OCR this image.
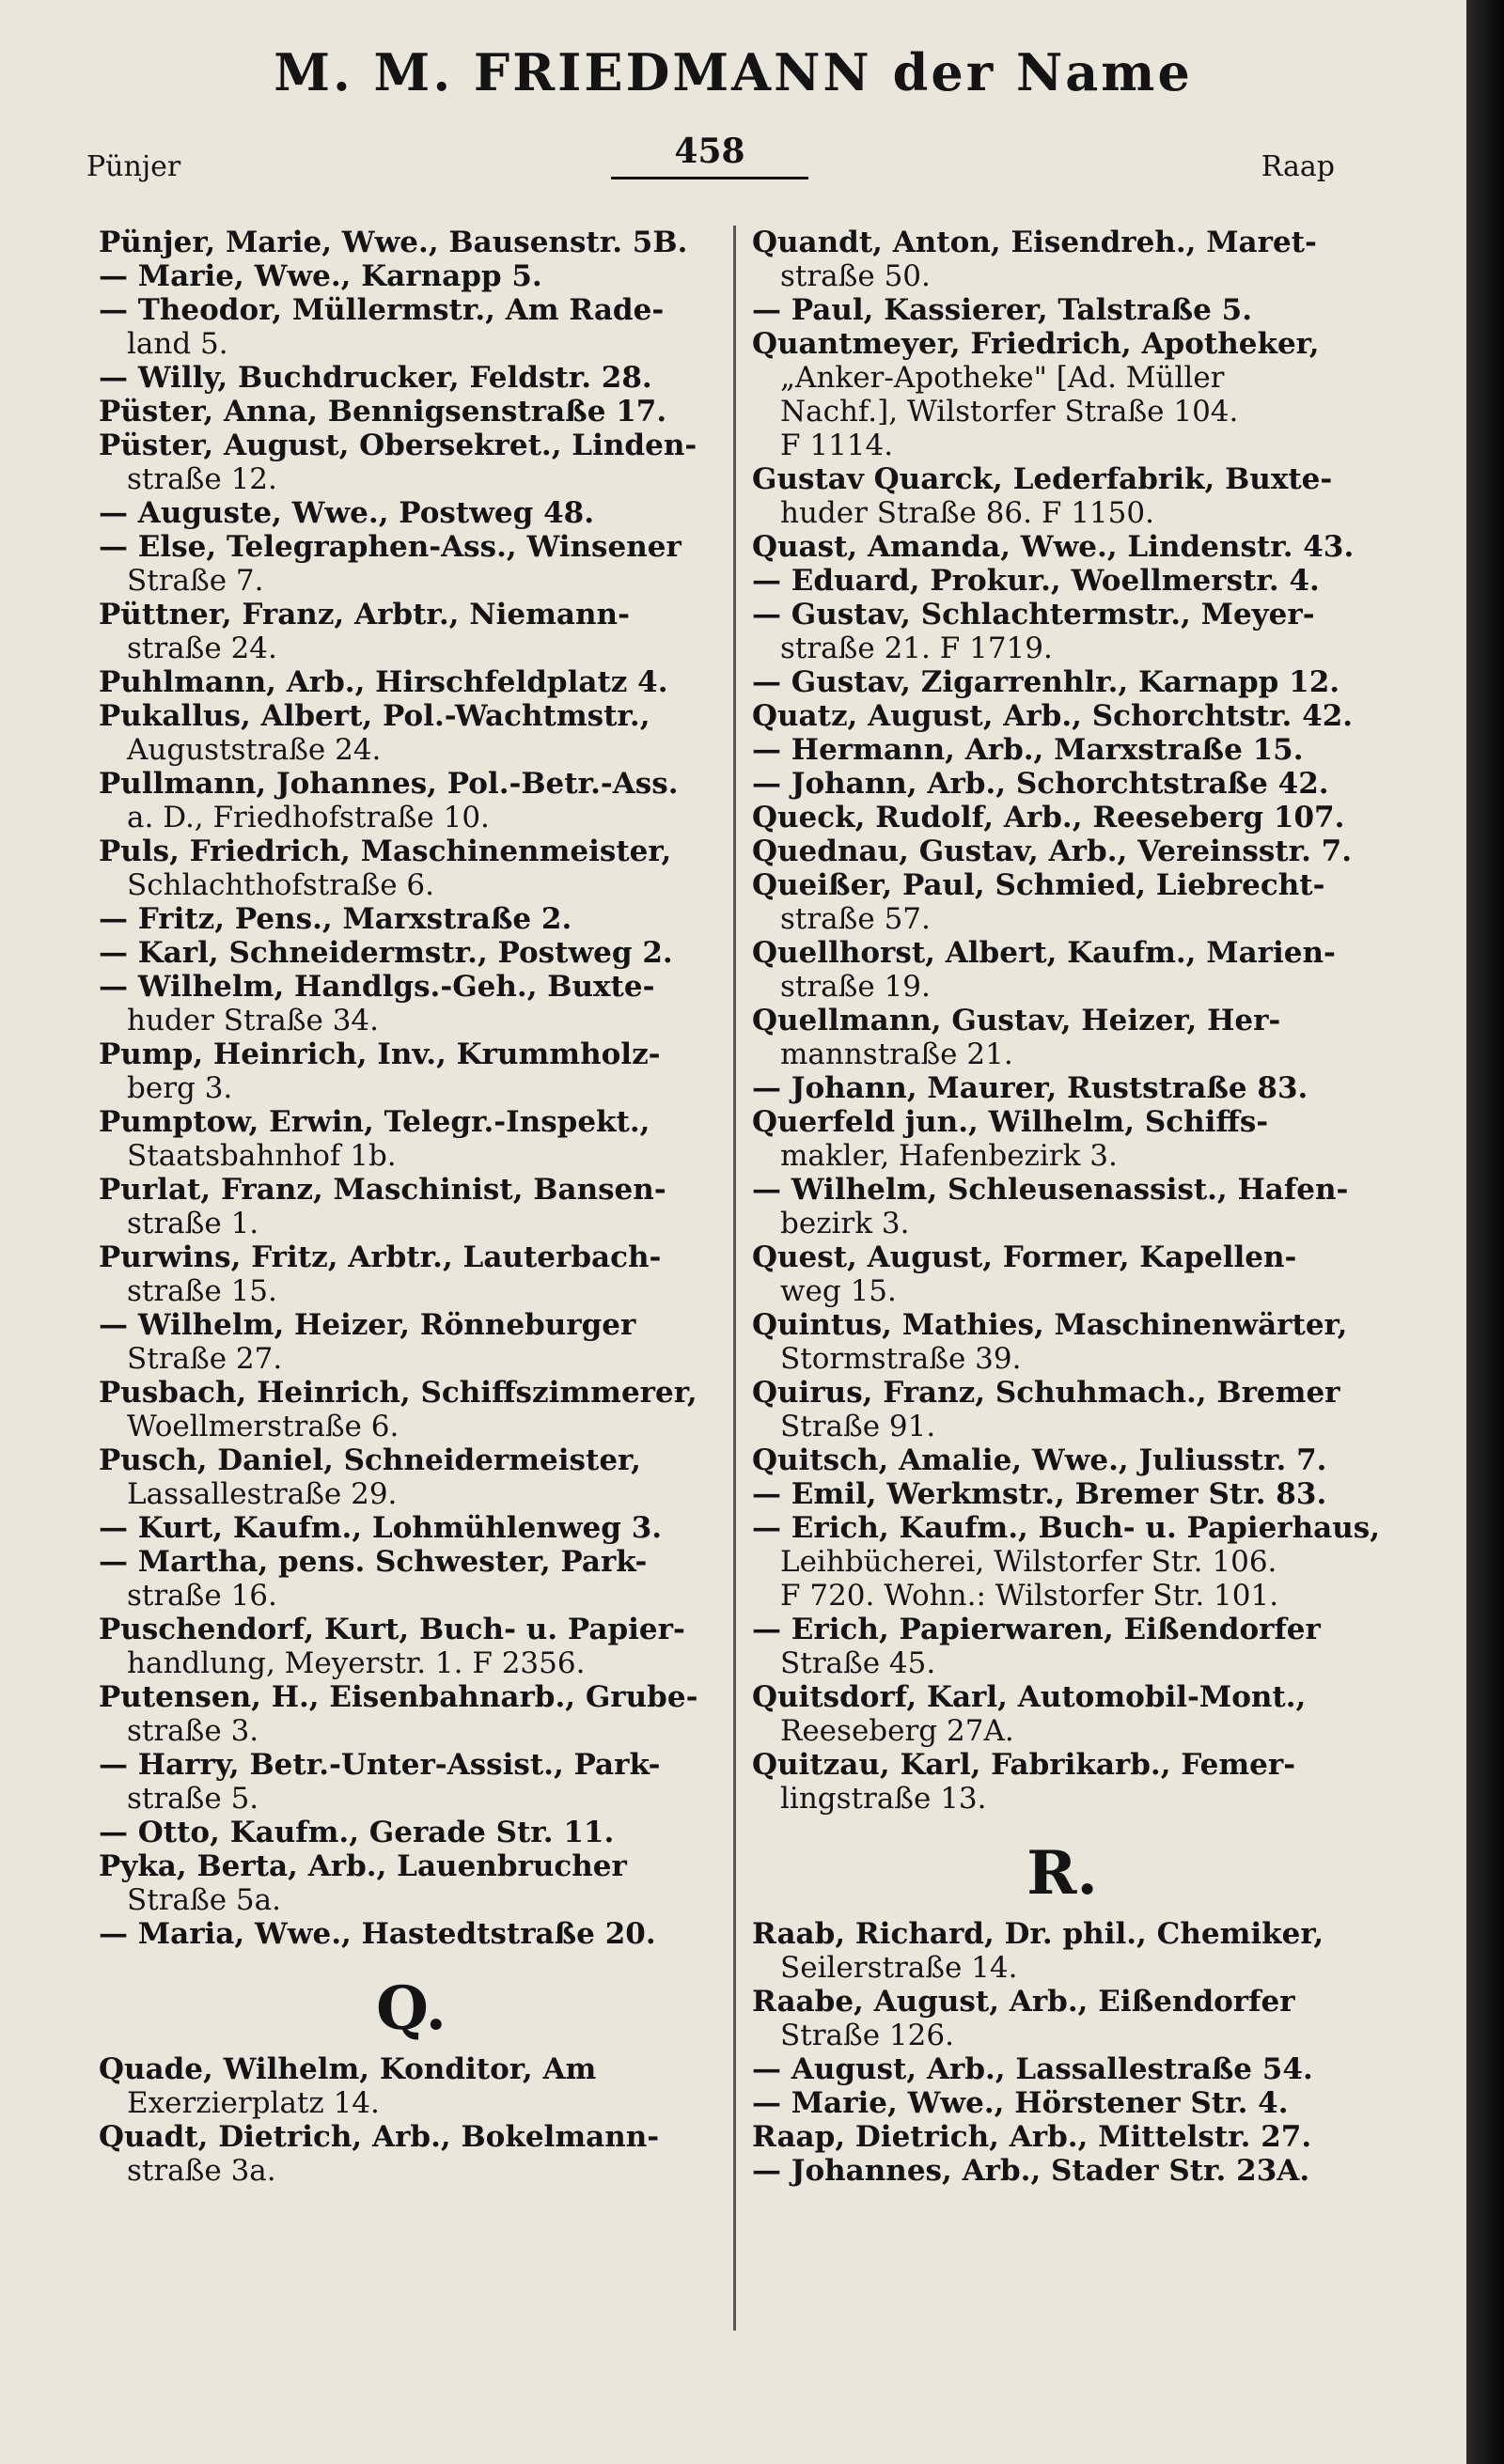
M. M. FRIEDMANN der Name
Pünjer	458	Raap

Pünjer, Marie, Wwe., Bausenstr. 5B.

— Marie, Wwe., Karnapp 5.

— Theodor, Müllermstr., Am Rade-
land 5.

— Willy, Buchdrucker, Feldstr. 28.

Püster, Anna, Bennigsenstraße 17.

Püster, August, Obersekret., Linden-
straße 12.

— Auguste, Wwe., Postweg 48.

— Else, Telegraphen-Ass., Winsener
Straße 7.

Püttner, Franz, Arbtr., Niemann-
straße 24.

Puhlmann, Arb., Hirschfeldplatz 4.

Pukallus, Albert, Pol.-Wachtmstr.,
Auguststraße 24.

Pullmann, Johannes, Pol.-Betr.-Ass.
a. D., Friedhofstraße 10.

Puls, Friedrich, Maschinenmeister,
Schlachthofstraße 6.

— Fritz, Pens., Marxstraße 2.

— Karl, Schneidermstr., Postweg 2.

— Wilhelm, Handlgs.-Geh., Buxte-
huder Straße 34.

Pump, Heinrich, Inv., Krummholz-
berg 3.

Pumptow, Erwin, Telegr.-Inspekt.,
Staatsbahnhof 1b.

Purlat, Franz, Maschinist, Bansen-
straße 1.

Purwins, Fritz, Arbtr., Lauterbach-
straße 15.

— Wilhelm, Heizer, Rönneburger
Straße 27.

Pusbach, Heinrich, Schiffszimmerer,
Woellmerstraße 6.

Pusch, Daniel, Schneidermeister,
Lassallestraße 29.

— Kurt, Kaufm., Lohmühlenweg 3.

— Martha, pens. Schwester, Park-
straße 16.

Puschendorf, Kurt, Buch- u. Papier-
handlung, Meyerstr. 1. F 2356.

Putensen, H., Eisenbahnarb., Grube-
straße 3.

— Harry, Betr.-Unter-Assist., Park-
straße 5.

— Otto, Kaufm., Gerade Str. 11.

Pyka, Berta, Arb., Lauenbrucher
Straße 5a.

— Maria, Wwe., Hastedtstraße 20.

Q.

Quade, Wilhelm, Konditor, Am
Exerzierplatz 14.

Quadt, Dietrich, Arb., Bokelmann-
straße 3a.

Quandt, Anton, Eisendreh., Maret-
straße 50.

— Paul, Kassierer, Talstraße 5.

Quantmeyer, Friedrich, Apotheker,
„Anker-Apotheke" [Ad. Müller
Nachf.], Wilstorfer Straße 104.
F 1114.

Gustav Quarck, Lederfabrik, Buxte-
huder Straße 86. F 1150.

Quast, Amanda, Wwe., Lindenstr. 43.

— Eduard, Prokur., Woellmerstr. 4.

— Gustav, Schlachtermstr., Meyer-
straße 21. F 1719.

— Gustav, Zigarrenhlr., Karnapp 12.

Quatz, August, Arb., Schorchtstr. 42.

— Hermann, Arb., Marxstraße 15.

— Johann, Arb., Schorchtstraße 42.

Queck, Rudolf, Arb., Reeseberg 107.

Quednau, Gustav, Arb., Vereinsstr. 7.

Queißer, Paul, Schmied, Liebrecht-
straße 57.

Quellhorst, Albert, Kaufm., Marien-
straße 19.

Quellmann, Gustav, Heizer, Her-
mannstraße 21.

— Johann, Maurer, Ruststraße 83.

Querfeld jun., Wilhelm, Schiffs-
makler, Hafenbezirk 3.

— Wilhelm, Schleusenassist., Hafen-
bezirk 3.

Quest, August, Former, Kapellen-
weg 15.

Quintus, Mathies, Maschinenwärter,
Stormstraße 39.

Quirus, Franz, Schuhmach., Bremer
Straße 91.

Quitsch, Amalie, Wwe., Juliusstr. 7.

— Emil, Werkmstr., Bremer Str. 83.

— Erich, Kaufm., Buch- u. Papierhaus,
Leihbücherei, Wilstorfer Str. 106.
F 720. Wohn.: Wilstorfer Str. 101.

— Erich, Papierwaren, Eißendorfer
Straße 45.

Quitsdorf, Karl, Automobil-Mont.,
Reeseberg 27A.

Quitzau, Karl, Fabrikarb., Femer-
lingstraße 13.

R.

Raab, Richard, Dr. phil., Chemiker,
Seilerstraße 14.

Raabe, August, Arb., Eißendorfer
Straße 126.

— August, Arb., Lassallestraße 54.

— Marie, Wwe., Hörstener Str. 4.

Raap, Dietrich, Arb., Mittelstr. 27.

— Johannes, Arb., Stader Str. 23A.
